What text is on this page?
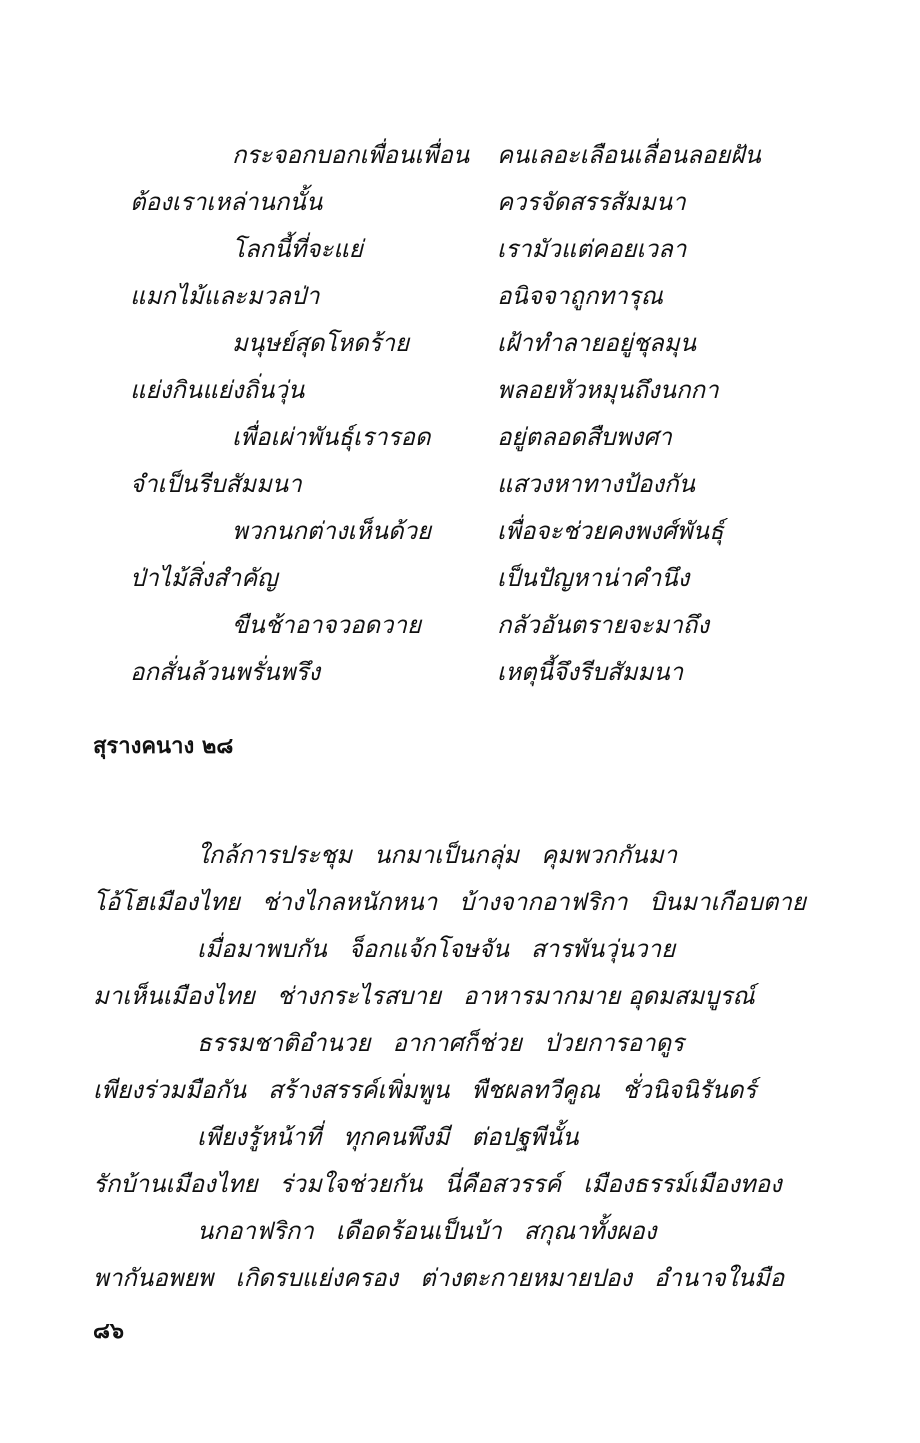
กระจอกบอกเพื่อนเพื่อน คนเลอะเลือนเลื่อนลอยฝัน
ต้องเราเหล่านกนั้น	ควรจัดสรรสัมมนา
โลกนี้ที่จะแย่	เรามัวแต่คอยเวลา
แมกไม้และมวลป่า	อนิจจาถูกทารุณ
มนุษย์สุดโหดร้าย	เฝ้าทำลายอยู่ชุลมุน
แย่งกินแย่งถิ่นวุ่น	พลอยหัวหมุนถึงนกกา
เพื่อเผ่าพันธุ์เรารอด	อยู่ตลอดสืบพงศา
จำเป็นรีบสัมมนา	แสวงหาทางป้องกัน
พวกนกต่างเห็นด้วย	เพื่อจะช่วยคงพงศ์พันธุ์
ป่าไม้สิ่งสำคัญ	เป็นปัญหาน่าคำนึง
ขืนช้าอาจวอดวาย	กลัวอันตรายจะมาถึง
อกสั่นล้วนพรั่นพรึง	เหตุนี้จึงรีบสัมมนา
สุรางคนาง ๒๘
ใกล้การประชุม นกมาเป็นกลุ่ม คุมพวกกันมา
โอ้โฮเมืองไทย ช่างไกลหนักหนา บ้างจากอาฟริกา บินมาเกือบตาย
เมื่อมาพบกัน จ็อกแจ้กโจษจัน สารพันวุ่นวาย
มาเห็นเมืองไทย ช่างกระไรสบาย อาหารมากมาย อุดมสมบูรณ์
ธรรมชาติอำนวย อากาศก็ช่วย ป่วยการอาดูร
เพียงร่วมมือกัน สร้างสรรค์เพิ่มพูน พืชผลทวีคูณ ชั่วนิจนิรันดร์
เพียงรู้หน้าที่ ทุกคนพึงมี ต่อปฐพีนั้น
รักบ้านเมืองไทย ร่วมใจช่วยกัน นี่คือสวรรค์ เมืองธรรม์เมืองทอง
นกอาฟริกา เดือดร้อนเป็นบ้า สกุณาทั้งผอง
พากันอพยพ เกิดรบแย่งครอง ต่างตะกายหมายปอง อำนาจในมือ
๘๖
